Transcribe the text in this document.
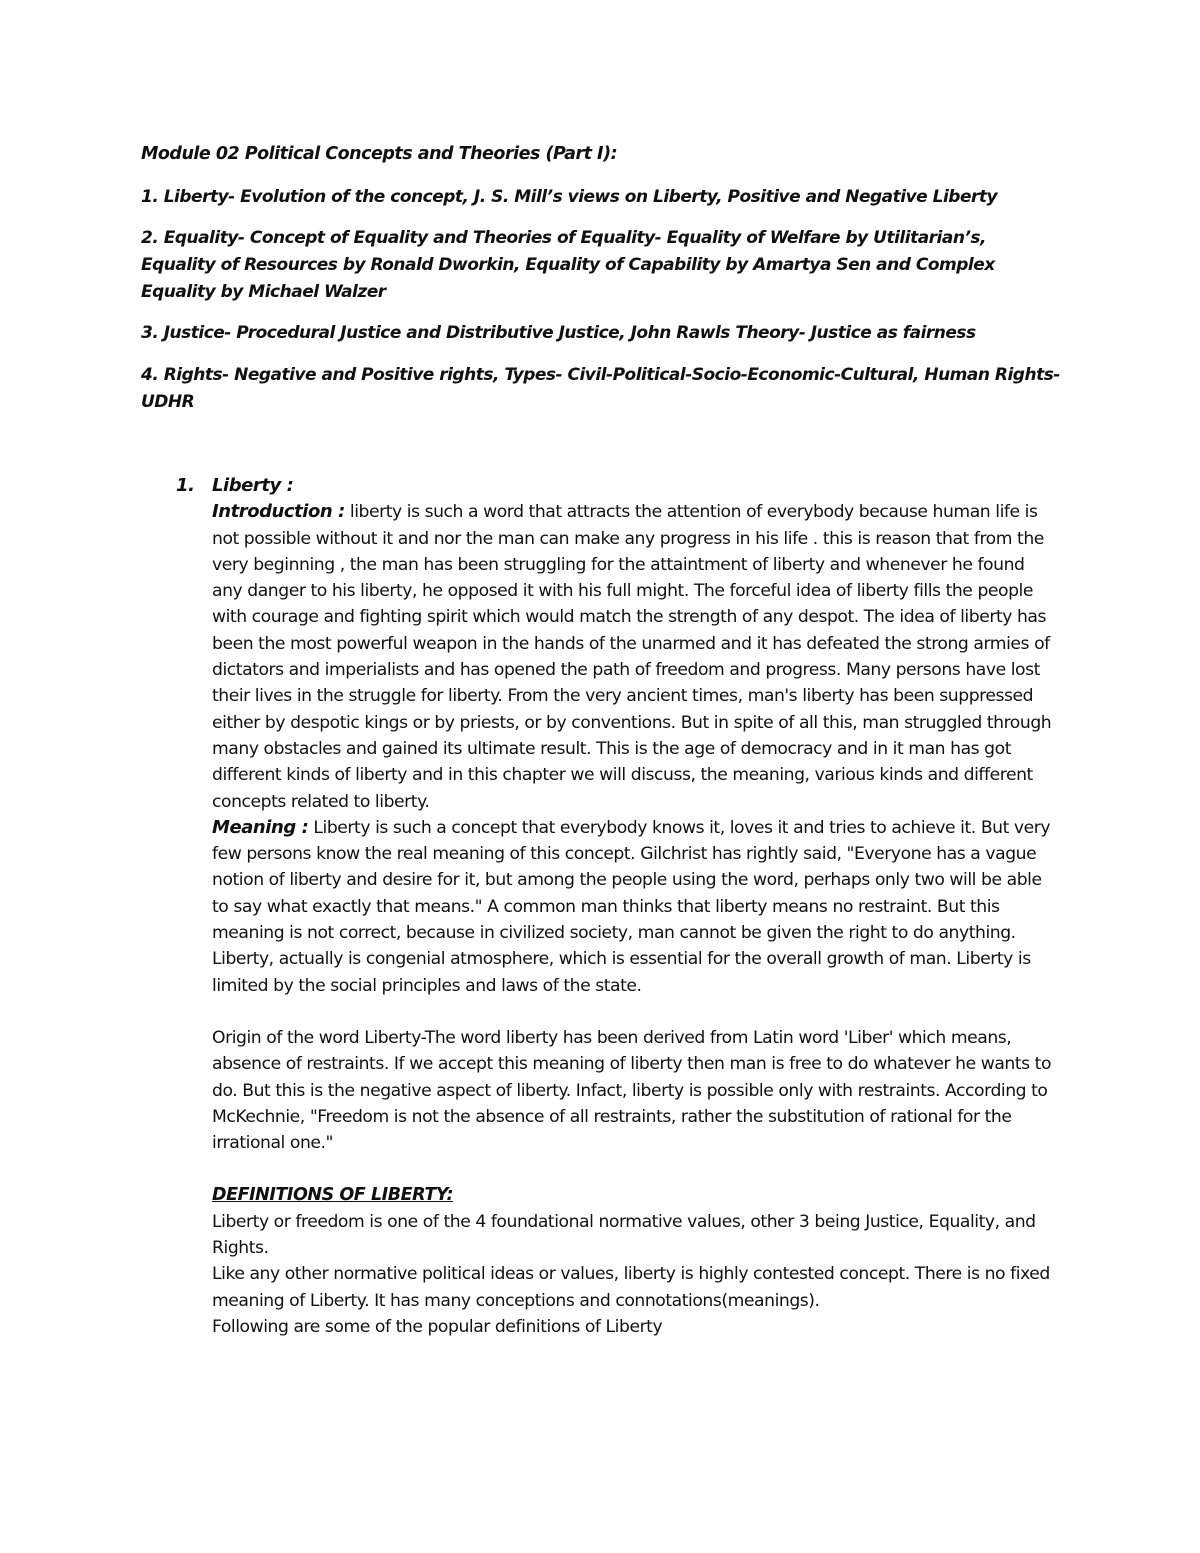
Module 02 Political Concepts and Theories (Part I):

1. Liberty- Evolution of the concept, J. S. Mill’s views on Liberty, Positive and Negative Liberty

2. Equality- Concept of Equality and Theories of Equality- Equality of Welfare by Utilitarian’s, Equality of Resources by Ronald Dworkin, Equality of Capability by Amartya Sen and Complex Equality by Michael Walzer

3. Justice- Procedural Justice and Distributive Justice, John Rawls Theory- Justice as fairness

4. Rights- Negative and Positive rights, Types- Civil-Political-Socio-Economic-Cultural, Human Rights- UDHR

1. Liberty :

Introduction : liberty is such a word that attracts the attention of everybody because human life is not possible without it and nor the man can make any progress in his life . this is reason that from the very beginning , the man has been struggling for the attaintment of liberty and whenever he found any danger to his liberty, he opposed it with his full might. The forceful idea of liberty fills the people with courage and fighting spirit which would match the strength of any despot. The idea of liberty has been the most powerful weapon in the hands of the unarmed and it has defeated the strong armies of dictators and imperialists and has opened the path of freedom and progress. Many persons have lost their lives in the struggle for liberty. From the very ancient times, man's liberty has been suppressed either by despotic kings or by priests, or by conventions. But in spite of all this, man struggled through many obstacles and gained its ultimate result. This is the age of democracy and in it man has got different kinds of liberty and in this chapter we will discuss, the meaning, various kinds and different concepts related to liberty.

Meaning : Liberty is such a concept that everybody knows it, loves it and tries to achieve it. But very few persons know the real meaning of this concept. Gilchrist has rightly said, "Everyone has a vague notion of liberty and desire for it, but among the people using the word, perhaps only two will be able to say what exactly that means." A common man thinks that liberty means no restraint. But this meaning is not correct, because in civilized society, man cannot be given the right to do anything. Liberty, actually is congenial atmosphere, which is essential for the overall growth of man. Liberty is limited by the social principles and laws of the state.

Origin of the word Liberty-The word liberty has been derived from Latin word 'Liber' which means, absence of restraints. If we accept this meaning of liberty then man is free to do whatever he wants to do. But this is the negative aspect of liberty. Infact, liberty is possible only with restraints. According to McKechnie, "Freedom is not the absence of all restraints, rather the substitution of rational for the irrational one."

DEFINITIONS OF LIBERTY:

Liberty or freedom is one of the 4 foundational normative values, other 3 being Justice, Equality, and Rights.

Like any other normative political ideas or values, liberty is highly contested concept. There is no fixed meaning of Liberty. It has many conceptions and connotations(meanings).

Following are some of the popular definitions of Liberty
